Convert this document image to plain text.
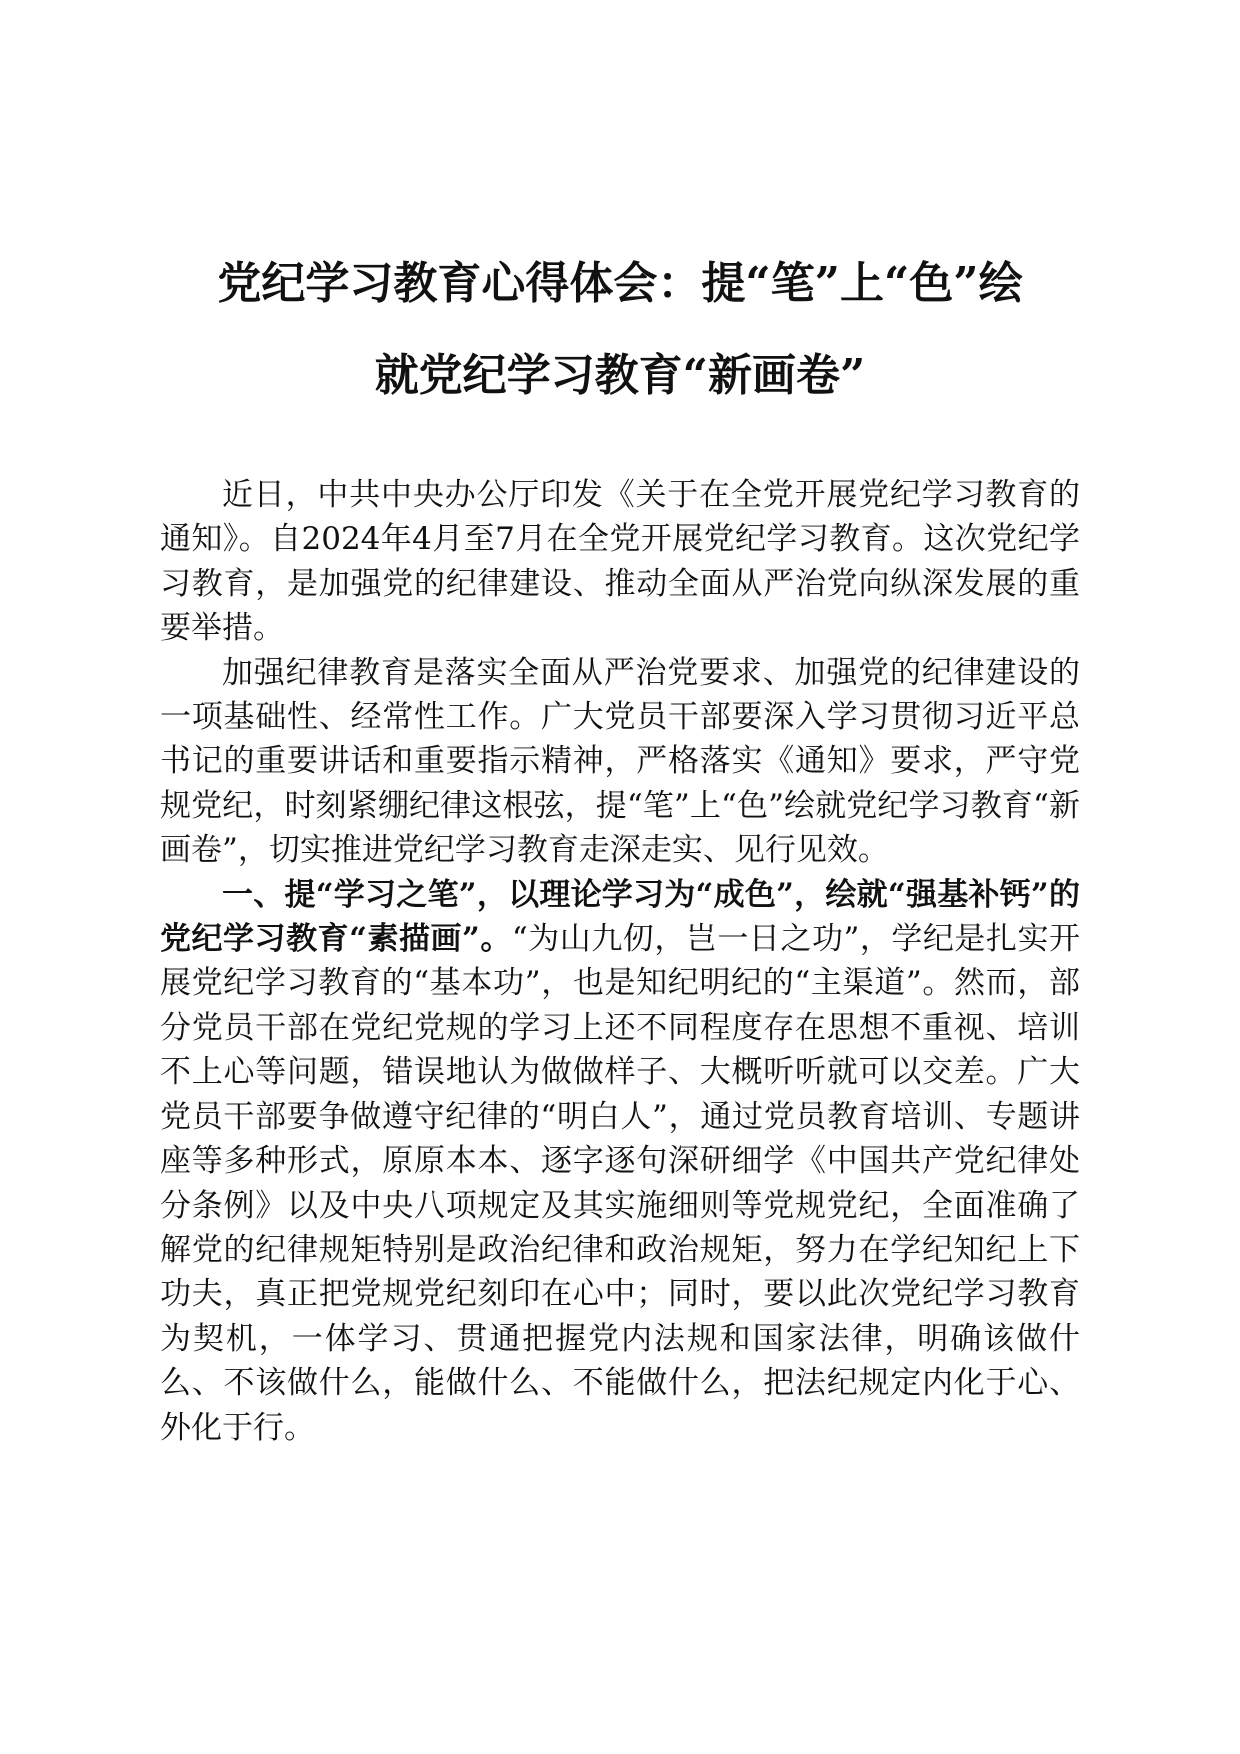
党纪学习教育心得体会：提“笔”上“色”绘
就党纪学习教育“新画卷”

近日，中共中央办公厅印发《关于在全党开展党纪学习教育的通知》。自2024年4月至7月在全党开展党纪学习教育。这次党纪学习教育，是加强党的纪律建设、推动全面从严治党向纵深发展的重要举措。

加强纪律教育是落实全面从严治党要求、加强党的纪律建设的一项基础性、经常性工作。广大党员干部要深入学习贯彻习近平总书记的重要讲话和重要指示精神，严格落实《通知》要求，严守党规党纪，时刻紧绷纪律这根弦，提“笔”上“色”绘就党纪学习教育“新画卷”，切实推进党纪学习教育走深走实、见行见效。

一、提“学习之笔”，以理论学习为“成色”，绘就“强基补钙”的党纪学习教育“素描画”。“为山九仞，岂一日之功”，学纪是扎实开展党纪学习教育的“基本功”，也是知纪明纪的“主渠道”。然而，部分党员干部在党纪党规的学习上还不同程度存在思想不重视、培训不上心等问题，错误地认为做做样子、大概听听就可以交差。广大党员干部要争做遵守纪律的“明白人”，通过党员教育培训、专题讲座等多种形式，原原本本、逐字逐句深研细学《中国共产党纪律处分条例》以及中央八项规定及其实施细则等党规党纪，全面准确了解党的纪律规矩特别是政治纪律和政治规矩，努力在学纪知纪上下功夫，真正把党规党纪刻印在心中；同时，要以此次党纪学习教育为契机，一体学习、贯通把握党内法规和国家法律，明确该做什么、不该做什么，能做什么、不能做什么，把法纪规定内化于心、外化于行。
